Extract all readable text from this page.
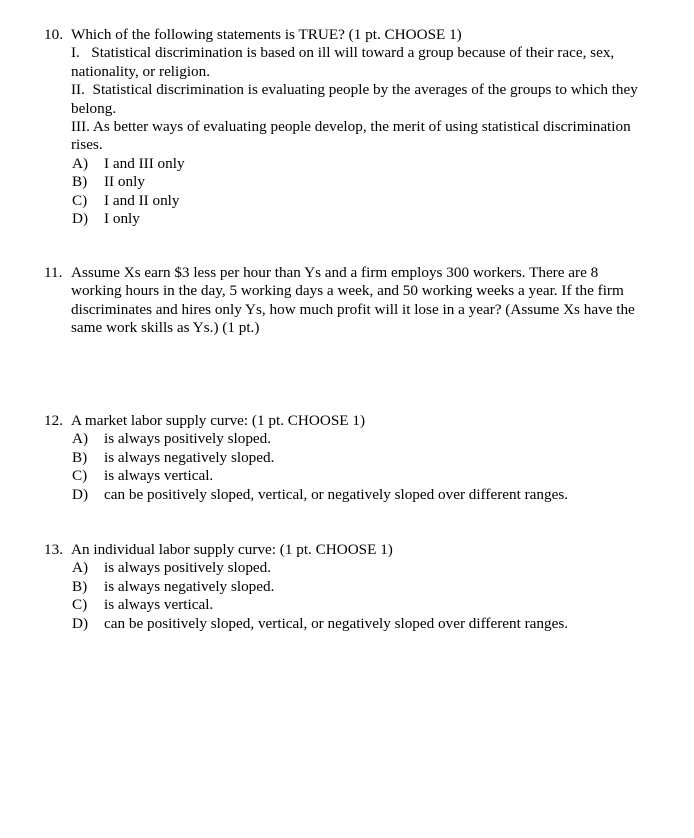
10. Which of the following statements is TRUE? (1 pt. CHOOSE 1)
I.   Statistical discrimination is based on ill will toward a group because of their race, sex, nationality, or religion.
II.  Statistical discrimination is evaluating people by the averages of the groups to which they belong.
III. As better ways of evaluating people develop, the merit of using statistical discrimination rises.
A)	I and III only
B)	II only
C)	I and II only
D)	I only
11. Assume Xs earn $3 less per hour than Ys and a firm employs 300 workers. There are 8 working hours in the day, 5 working days a week, and 50 working weeks a year. If the firm discriminates and hires only Ys, how much profit will it lose in a year? (Assume Xs have the same work skills as Ys.) (1 pt.)
12. A market labor supply curve: (1 pt. CHOOSE 1)
A)	is always positively sloped.
B)	is always negatively sloped.
C)	is always vertical.
D)	can be positively sloped, vertical, or negatively sloped over different ranges.
13. An individual labor supply curve: (1 pt. CHOOSE 1)
A)	is always positively sloped.
B)	is always negatively sloped.
C)	is always vertical.
D)	can be positively sloped, vertical, or negatively sloped over different ranges.
